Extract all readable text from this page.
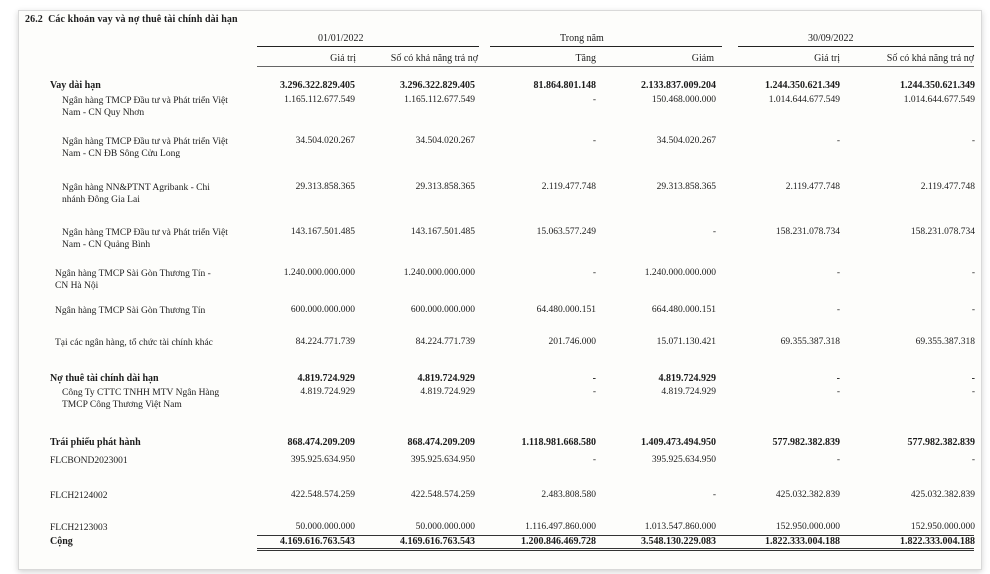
26.2 Các khoản vay và nợ thuê tài chính dài hạn
01/01/2022	Trong năm	30/09/2022
Giá trị	Số có khả năng trả nợ	Tăng	Giảm	Giá trị	Số có khả năng trả nợ
Vay dài hạn	3.296.322.829.405	3.296.322.829.405	81.864.801.148	2.133.837.009.204	1.244.350.621.349	1.244.350.621.349
Ngân hàng TMCP Đầu tư và Phát triển Việt Nam - CN Quy Nhơn
1.165.112.677.549	1.165.112.677.549	-	150.468.000.000	1.014.644.677.549	1.014.644.677.549
Ngân hàng TMCP Đầu tư và Phát triển Việt Nam - CN ĐB Sông Cửu Long
34.504.020.267	34.504.020.267	-	34.504.020.267	-	-
Ngân hàng NN&PTNT Agribank - Chi nhánh Đông Gia Lai
29.313.858.365	29.313.858.365	2.119.477.748	29.313.858.365	2.119.477.748	2.119.477.748
Ngân hàng TMCP Đầu tư và Phát triển Việt Nam - CN Quảng Bình
143.167.501.485	143.167.501.485	15.063.577.249	-	158.231.078.734	158.231.078.734
Ngân hàng TMCP Sài Gòn Thương Tín - CN Hà Nội
1.240.000.000.000	1.240.000.000.000	-	1.240.000.000.000	-	-
Ngân hàng TMCP Sài Gòn Thương Tín	600.000.000.000	600.000.000.000	64.480.000.151	664.480.000.151	-	-
Tại các ngân hàng, tổ chức tài chính khác	84.224.771.739	84.224.771.739	201.746.000	15.071.130.421	69.355.387.318	69.355.387.318
Nợ thuê tài chính dài hạn	4.819.724.929	4.819.724.929	-	4.819.724.929	-	-
Công Ty CTTC TNHH MTV Ngân Hàng TMCP Công Thương Việt Nam
4.819.724.929	4.819.724.929	-	4.819.724.929	-	-
Trái phiếu phát hành	868.474.209.209	868.474.209.209	1.118.981.668.580	1.409.473.494.950	577.982.382.839	577.982.382.839
FLCBOND2023001	395.925.634.950	395.925.634.950	-	395.925.634.950	-	-
FLCH2124002	422.548.574.259	422.548.574.259	2.483.808.580	-	425.032.382.839	425.032.382.839
FLCH2123003	50.000.000.000	50.000.000.000	1.116.497.860.000	1.013.547.860.000	152.950.000.000	152.950.000.000
Cộng	4.169.616.763.543	4.169.616.763.543	1.200.846.469.728	3.548.130.229.083	1.822.333.004.188	1.822.333.004.188
